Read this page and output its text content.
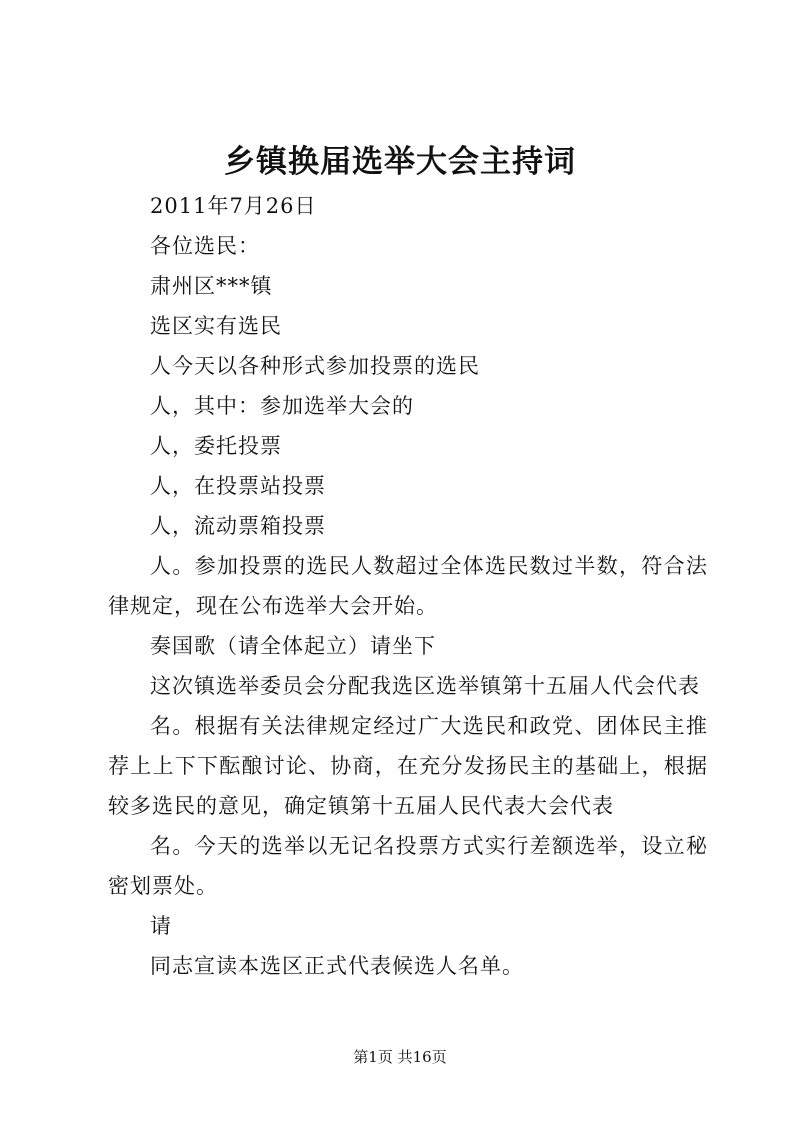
乡镇换届选举大会主持词

2011年7月26日

各位选民：

肃州区***镇

选区实有选民

人今天以各种形式参加投票的选民

人，其中：参加选举大会的

人，委托投票

人，在投票站投票

人，流动票箱投票

人。参加投票的选民人数超过全体选民数过半数，符合法律规定，现在公布选举大会开始。

奏国歌（请全体起立）请坐下

这次镇选举委员会分配我选区选举镇第十五届人代会代表

名。根据有关法律规定经过广大选民和政党、团体民主推荐上上下下酝酿讨论、协商，在充分发扬民主的基础上，根据较多选民的意见，确定镇第十五届人民代表大会代表

名。今天的选举以无记名投票方式实行差额选举，设立秘密划票处。

请

同志宣读本选区正式代表候选人名单。

第1页 共16页
